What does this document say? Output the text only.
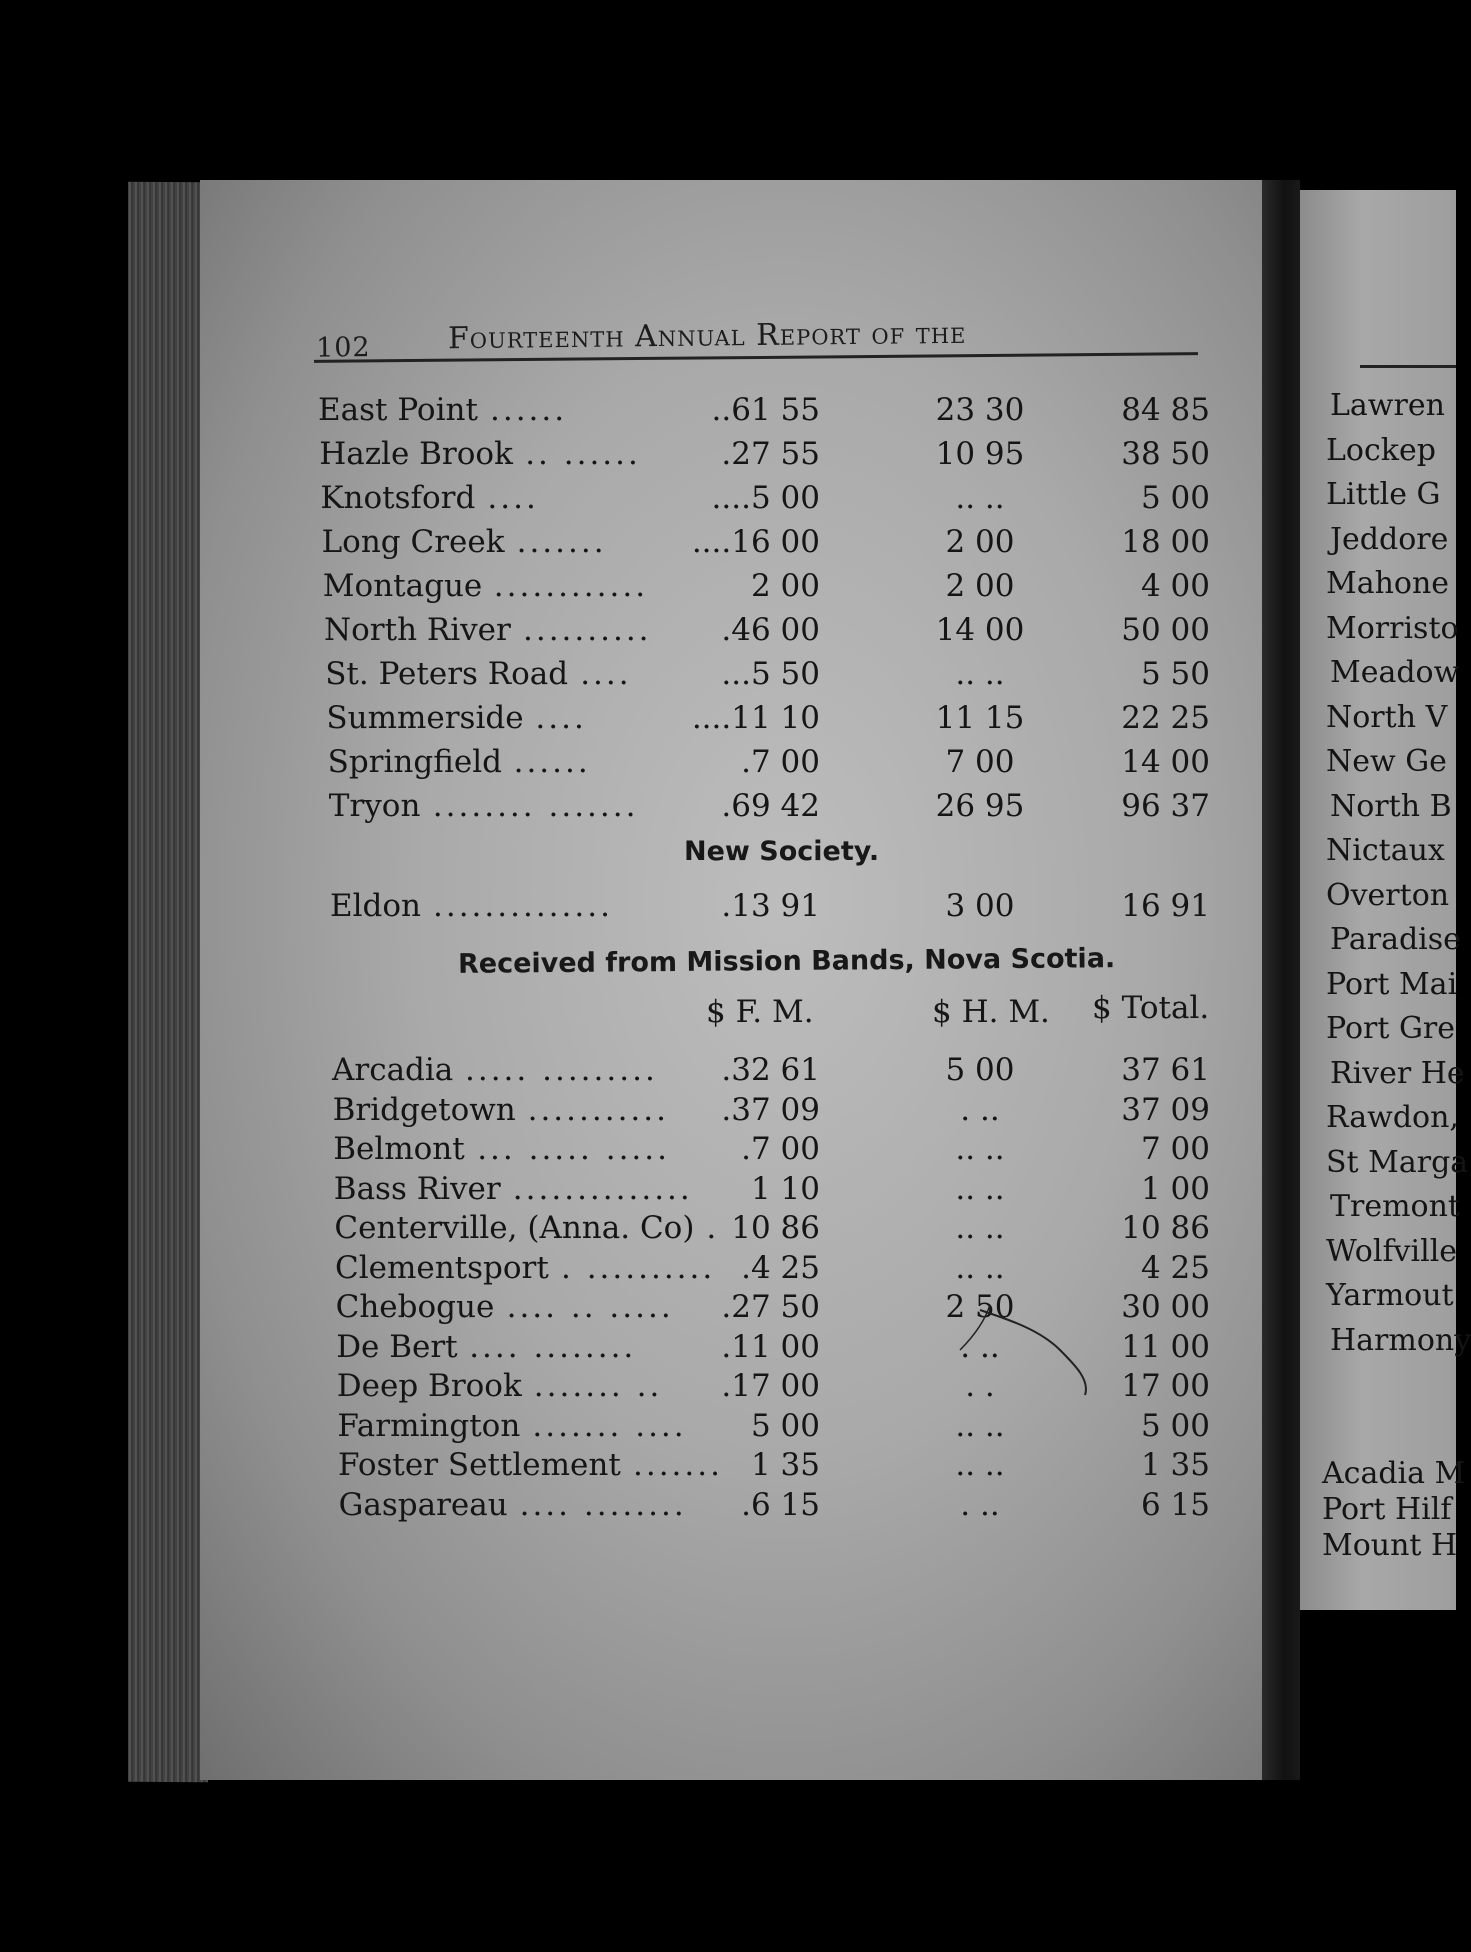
102	Fourteenth Annual Report of the
East Point ......	..61 55	23 30	84 85
Hazle Brook .. ......	.27 55	10 95	38 50
Knotsford ....	....5 00	.. ..	5 00
Long Creek .......	....16 00	2 00	18 00
Montague ............	2 00	2 00	4 00
North River ..........	.46 00	14 00	50 00
St. Peters Road ....	...5 50	.. ..	5 50
Summerside ....	....11 10	11 15	22 25
Springfield ......	.7 00	7 00	14 00
Tryon ........ .......	.69 42	26 95	96 37
New Society.
Eldon ..............	.13 91	3 00	16 91
Received from Mission Bands, Nova Scotia.
$ F. M.	$ H. M. $ Total.
Arcadia ..... .........	.32 61	5 00	37 61
Bridgetown ...........	.37 09	. ..	37 09
Belmont ... ..... .....	.7 00	.. ..	7 00
Bass River ..............	1 10	.. ..	1 00
Centerville, (Anna. Co) . 10 86	.. ..	10 86
Clementsport . .......... .4 25	.. ..	4 25
Chebogue .... .. .....	.27 50	2 50	30 00
De Bert .... ........	.11 00	. ..	11 00
Deep Brook ....... ..	.17 00	. .	17 00
Farmington ....... ....	5 00	.. ..	5 00
Foster Settlement ....... 1 35	.. ..	1 35
Gaspareau .... ........	.6 15	. ..	6 15
Lawren
Lockep
Little G
Jeddore
Mahone
Morristo
Meadow
North V
New Ge
North B
Nictaux
Overton
Paradise
Port Mai
Port Gre
River He
Rawdon,
St Marga
Tremont
Wolfville
Yarmout
Harmony
Acadia M
Port Hilf
Mount H
